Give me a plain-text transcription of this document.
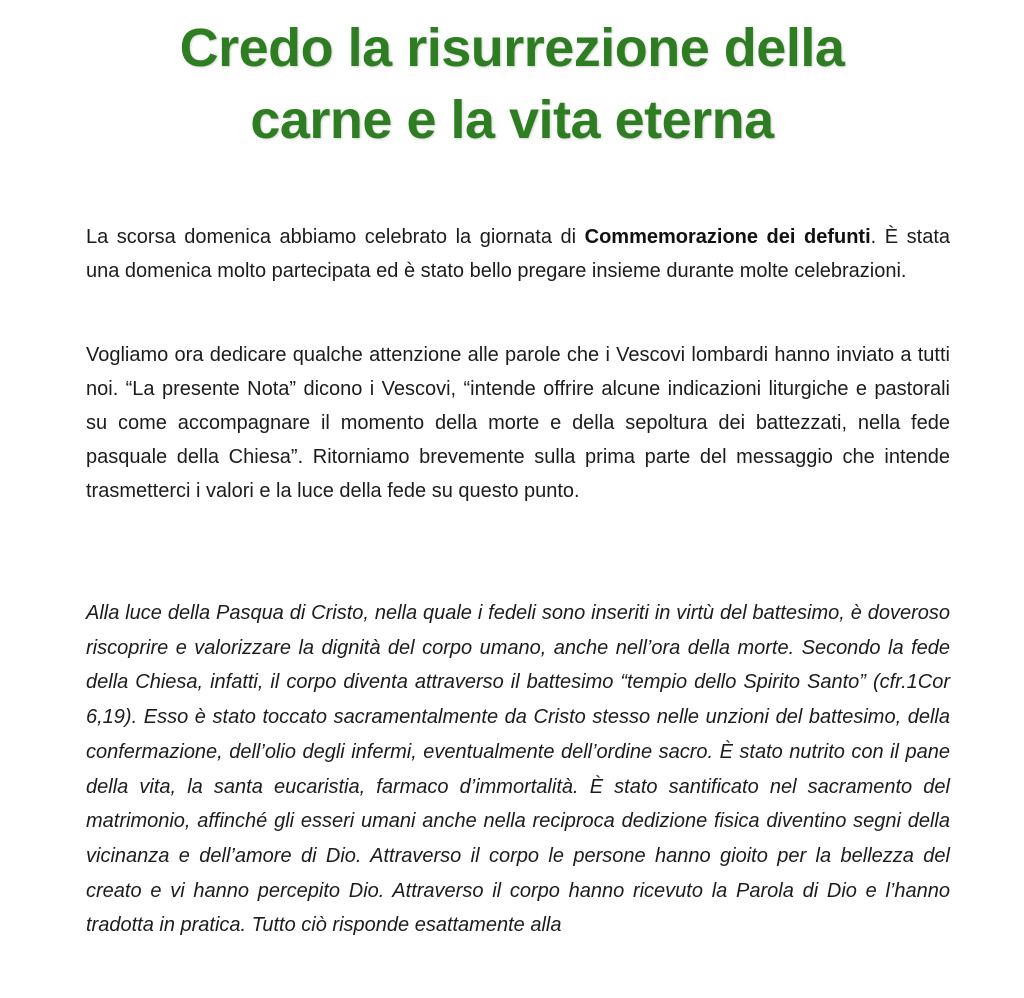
Credo la risurrezione della
carne e la vita eterna

La scorsa domenica abbiamo celebrato la giornata di Commemorazione dei defunti. È stata una domenica molto partecipata ed è stato bello pregare insieme durante molte celebrazioni.

Vogliamo ora dedicare qualche attenzione alle parole che i Vescovi lombardi hanno inviato a tutti noi. “La presente Nota” dicono i Vescovi, “intende offrire alcune indicazioni liturgiche e pastorali su come accompagnare il momento della morte e della sepoltura dei battezzati, nella fede pasquale della Chiesa”. Ritorniamo brevemente sulla prima parte del messaggio che intende trasmetterci i valori e la luce della fede su questo punto.

Alla luce della Pasqua di Cristo, nella quale i fedeli sono inseriti in virtù del battesimo, è doveroso riscoprire e valorizzare la dignità del corpo umano, anche nell’ora della morte. Secondo la fede della Chiesa, infatti, il corpo diventa attraverso il battesimo “tempio dello Spirito Santo” (cfr.1Cor 6,19). Esso è stato toccato sacramentalmente da Cristo stesso nelle unzioni del battesimo, della confermazione, dell’olio degli infermi, eventualmente dell’ordine sacro. È stato nutrito con il pane della vita, la santa eucaristia, farmaco d’immortalità. È stato santificato nel sacramento del matrimonio, affinché gli esseri umani anche nella reciproca dedizione fisica diventino segni della vicinanza e dell’amore di Dio. Attraverso il corpo le persone hanno gioito per la bellezza del creato e vi hanno percepito Dio. Attraverso il corpo hanno ricevuto la Parola di Dio e l’hanno tradotta in pratica. Tutto ciò risponde esattamente alla
